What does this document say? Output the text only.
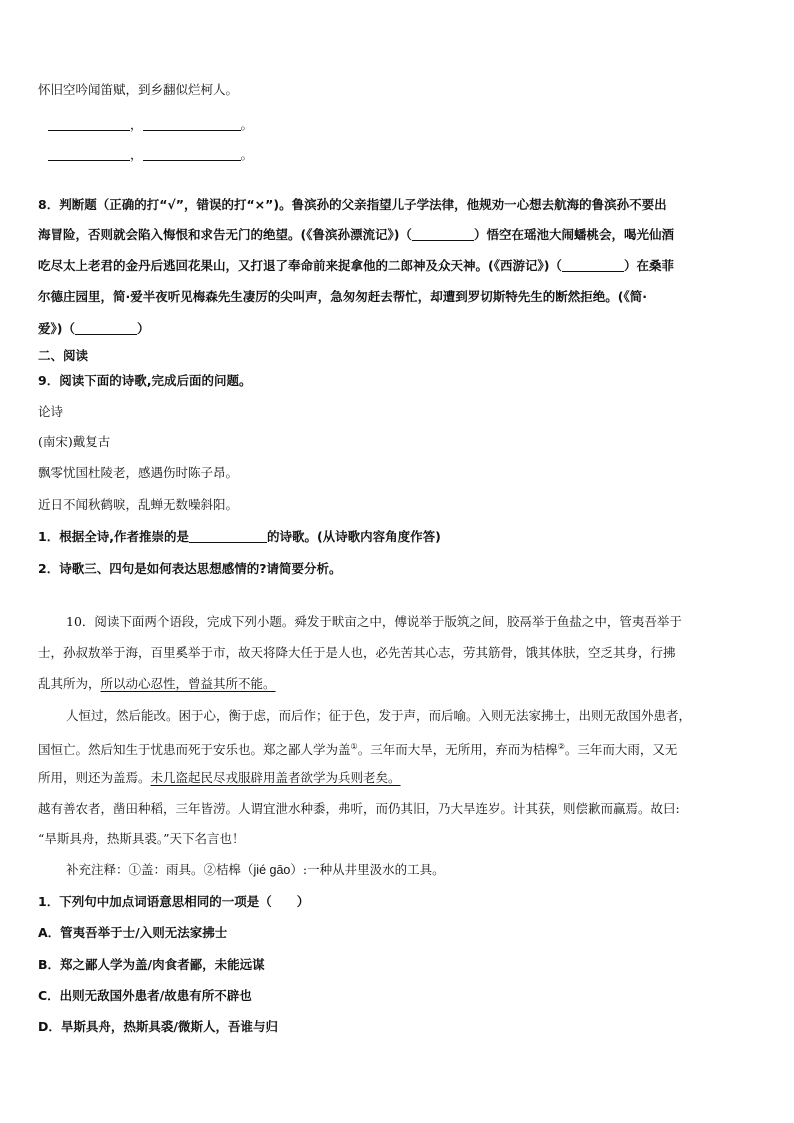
怀旧空吟闻笛赋，到乡翻似烂柯人。
，	。
，	。
8．判断题（正确的打“√”，错误的打“×”)。鲁滨孙的父亲指望儿子学法律，他规劝一心想去航海的鲁滨孙不要出
海冒险，否则就会陷入悔恨和求告无门的绝望。(《鲁滨孙漂流记》)（	）悟空在瑶池大闹蟠桃会，喝光仙酒
吃尽太上老君的金丹后逃回花果山，又打退了奉命前来捉拿他的二郎神及众天神。(《西游记》)（	）在桑菲
尔德庄园里，简·爱半夜听见梅森先生凄厉的尖叫声，急匆匆赶去帮忙，却遭到罗切斯特先生的断然拒绝。(《简·
爱》)（	）
二、阅读
9．阅读下面的诗歌,完成后面的问题。
论诗
(南宋)戴复古
飘零忧国杜陵老，感遇伤时陈子昂。
近日不闻秋鹤唳，乱蝉无数噪斜阳。
1．根据全诗,作者推崇的是	的诗歌。(从诗歌内容角度作答)
2．诗歌三、四句是如何表达思想感情的?请简要分析。
10．阅读下面两个语段，完成下列小题。舜发于畎亩之中，傅说举于版筑之间，胶鬲举于鱼盐之中，管夷吾举于
士，孙叔敖举于海，百里奚举于市，故天将降大任于是人也，必先苦其心志，劳其筋骨，饿其体肤，空乏其身，行拂
乱其所为，所以动心忍性，曾益其所不能。
人恒过，然后能改。困于心，衡于虑，而后作；征于色，发于声，而后喻。入则无法家拂士，出则无敌国外患者，
国恒亡。然后知生于忧患而死于安乐也。郑之鄙人学为盖①。三年而大旱，无所用，弃而为桔槔②。三年而大雨，又无
所用，则还为盖焉。未几盗起民尽戎服辟用盖者欲学为兵则老矣。
越有善农者，凿田种稻，三年皆涝。人谓宜泄水种黍，弗听，而仍其旧，乃大旱连岁。计其获，则偿歉而赢焉。故曰:
“旱斯具舟，热斯具裘。”天下名言也！
补充注释：①盖：雨具。②桔槔（jié gāo）:一种从井里汲水的工具。
1．下列句中加点词语意思相同的一项是（　　）
A．管夷吾举于士/入则无法家拂士
B．郑之鄙人学为盖/肉食者鄙，未能远谋
C．出则无敌国外患者/故患有所不辟也
D．旱斯具舟，热斯具裘/微斯人，吾谁与归
